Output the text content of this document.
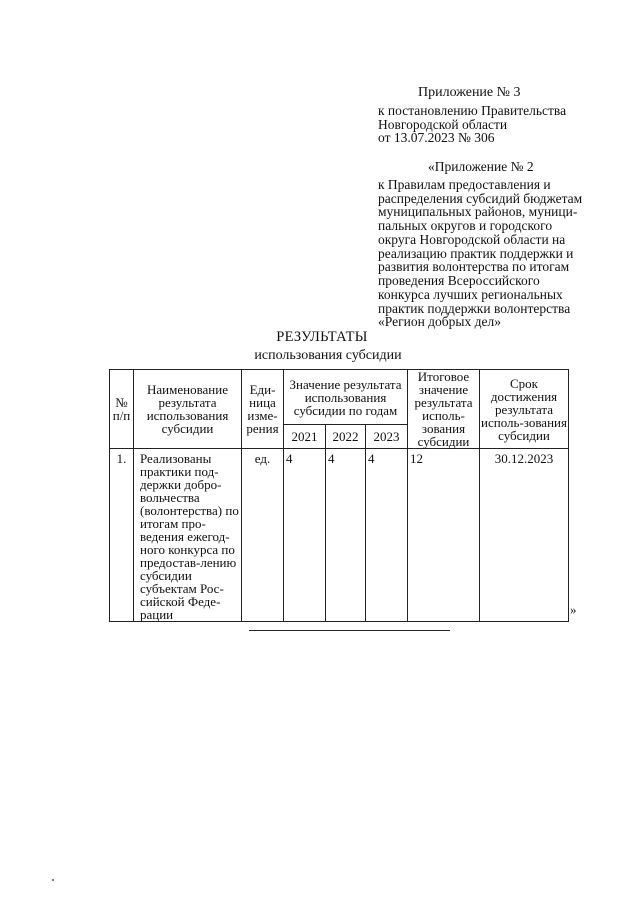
Приложение № 3
к постановлению Правительства
Новгородской области
от 13.07.2023 № 306
«Приложение № 2
к Правилам предоставления и
распределения субсидий бюджетам
муниципальных районов, муници-
пальных округов и городского
округа Новгородской области на
реализацию практик поддержки и
развития волонтерства по итогам
проведения Всероссийского
конкурса лучших региональных
практик поддержки волонтерства
«Регион добрых дел»
РЕЗУЛЬТАТЫ
использования субсидии
№ п/п	Наименование результата использования субсидии	Еди-ница изме-рения	Значение результата использования субсидии по годам			Итоговое значение результата исполь-зования субсидии	Срок достижения результата исполь-зования субсидии
			2021	2022	2023		
1.	Реализованы практики под-держки добро-вольчества (волонтерства) по итогам про-ведения ежегод-ного конкурса по предостав-лению субсидии субъектам Рос-сийской Феде-рации	ед.	4	4	4	12	30.12.2023
»
